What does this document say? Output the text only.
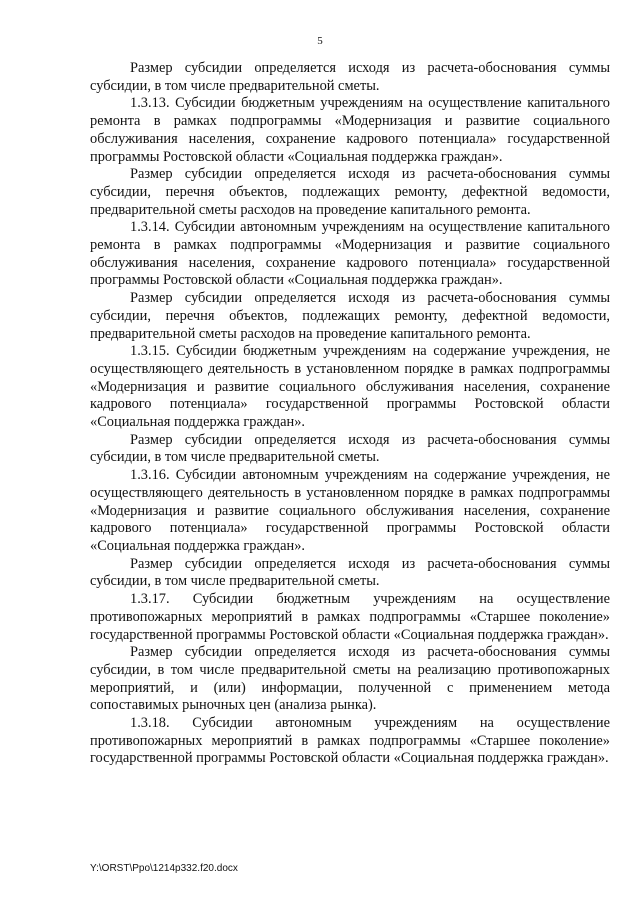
5

Размер субсидии определяется исходя из расчета-обоснования суммы субсидии, в том числе предварительной сметы.

1.3.13. Субсидии бюджетным учреждениям на осуществление капитального ремонта в рамках подпрограммы «Модернизация и развитие социального обслуживания населения, сохранение кадрового потенциала» государственной программы Ростовской области «Социальная поддержка граждан».

Размер субсидии определяется исходя из расчета-обоснования суммы субсидии, перечня объектов, подлежащих ремонту, дефектной ведомости, предварительной сметы расходов на проведение капитального ремонта.

1.3.14. Субсидии автономным учреждениям на осуществление капитального ремонта в рамках подпрограммы «Модернизация и развитие социального обслуживания населения, сохранение кадрового потенциала» государственной программы Ростовской области «Социальная поддержка граждан».

Размер субсидии определяется исходя из расчета-обоснования суммы субсидии, перечня объектов, подлежащих ремонту, дефектной ведомости, предварительной сметы расходов на проведение капитального ремонта.

1.3.15. Субсидии бюджетным учреждениям на содержание учреждения, не осуществляющего деятельность в установленном порядке в рамках подпрограммы «Модернизация и развитие социального обслуживания населения, сохранение кадрового потенциала» государственной программы Ростовской области «Социальная поддержка граждан».

Размер субсидии определяется исходя из расчета-обоснования суммы субсидии, в том числе предварительной сметы.

1.3.16. Субсидии автономным учреждениям на содержание учреждения, не осуществляющего деятельность в установленном порядке в рамках подпрограммы «Модернизация и развитие социального обслуживания населения, сохранение кадрового потенциала» государственной программы Ростовской области «Социальная поддержка граждан».

Размер субсидии определяется исходя из расчета-обоснования суммы субсидии, в том числе предварительной сметы.

1.3.17. Субсидии бюджетным учреждениям на осуществление противопожарных мероприятий в рамках подпрограммы «Старшее поколение» государственной программы Ростовской области «Социальная поддержка граждан».

Размер субсидии определяется исходя из расчета-обоснования суммы субсидии, в том числе предварительной сметы на реализацию противопожарных мероприятий, и (или) информации, полученной с применением метода сопоставимых рыночных цен (анализа рынка).

1.3.18. Субсидии автономным учреждениям на осуществление противопожарных мероприятий в рамках подпрограммы «Старшее поколение» государственной программы Ростовской области «Социальная поддержка граждан».

Y:\ORST\Ppo\1214p332.f20.docx
